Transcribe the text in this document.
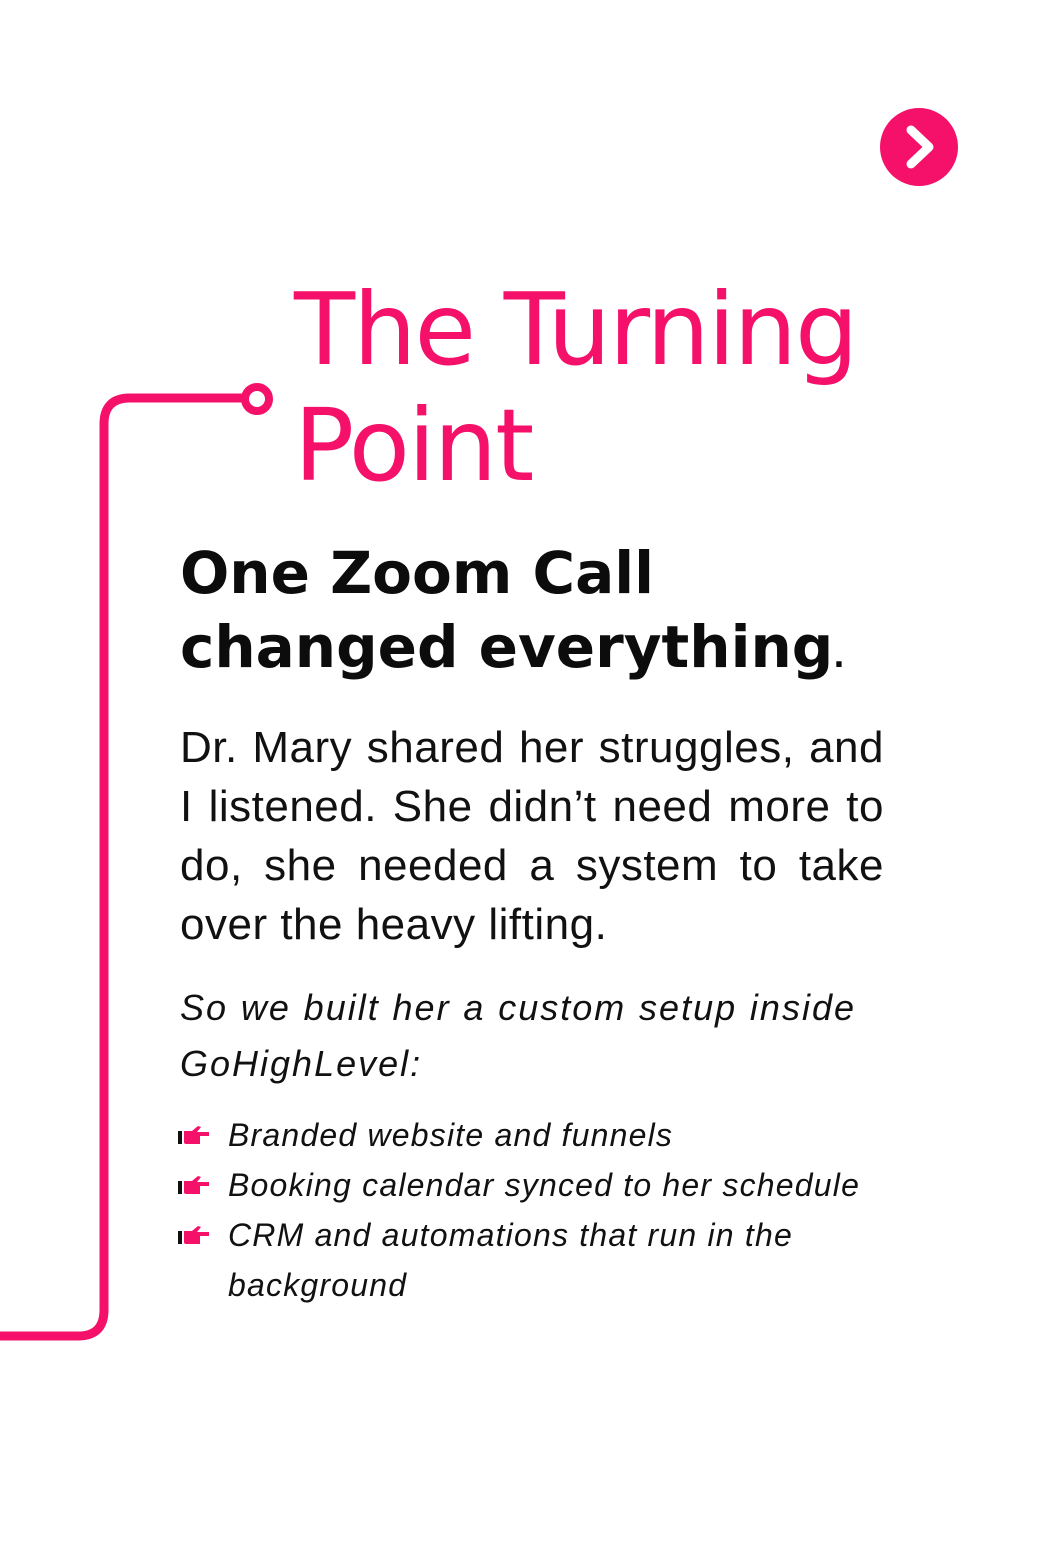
The Turning
Point
One Zoom Call changed everything.

Dr. Mary shared her struggles, and I listened. She didn’t need more to do, she needed a system to take over the heavy lifting.

So we built her a custom setup inside GoHighLevel:

Branded website and funnels
Booking calendar synced to her schedule
CRM and automations that run in the background
